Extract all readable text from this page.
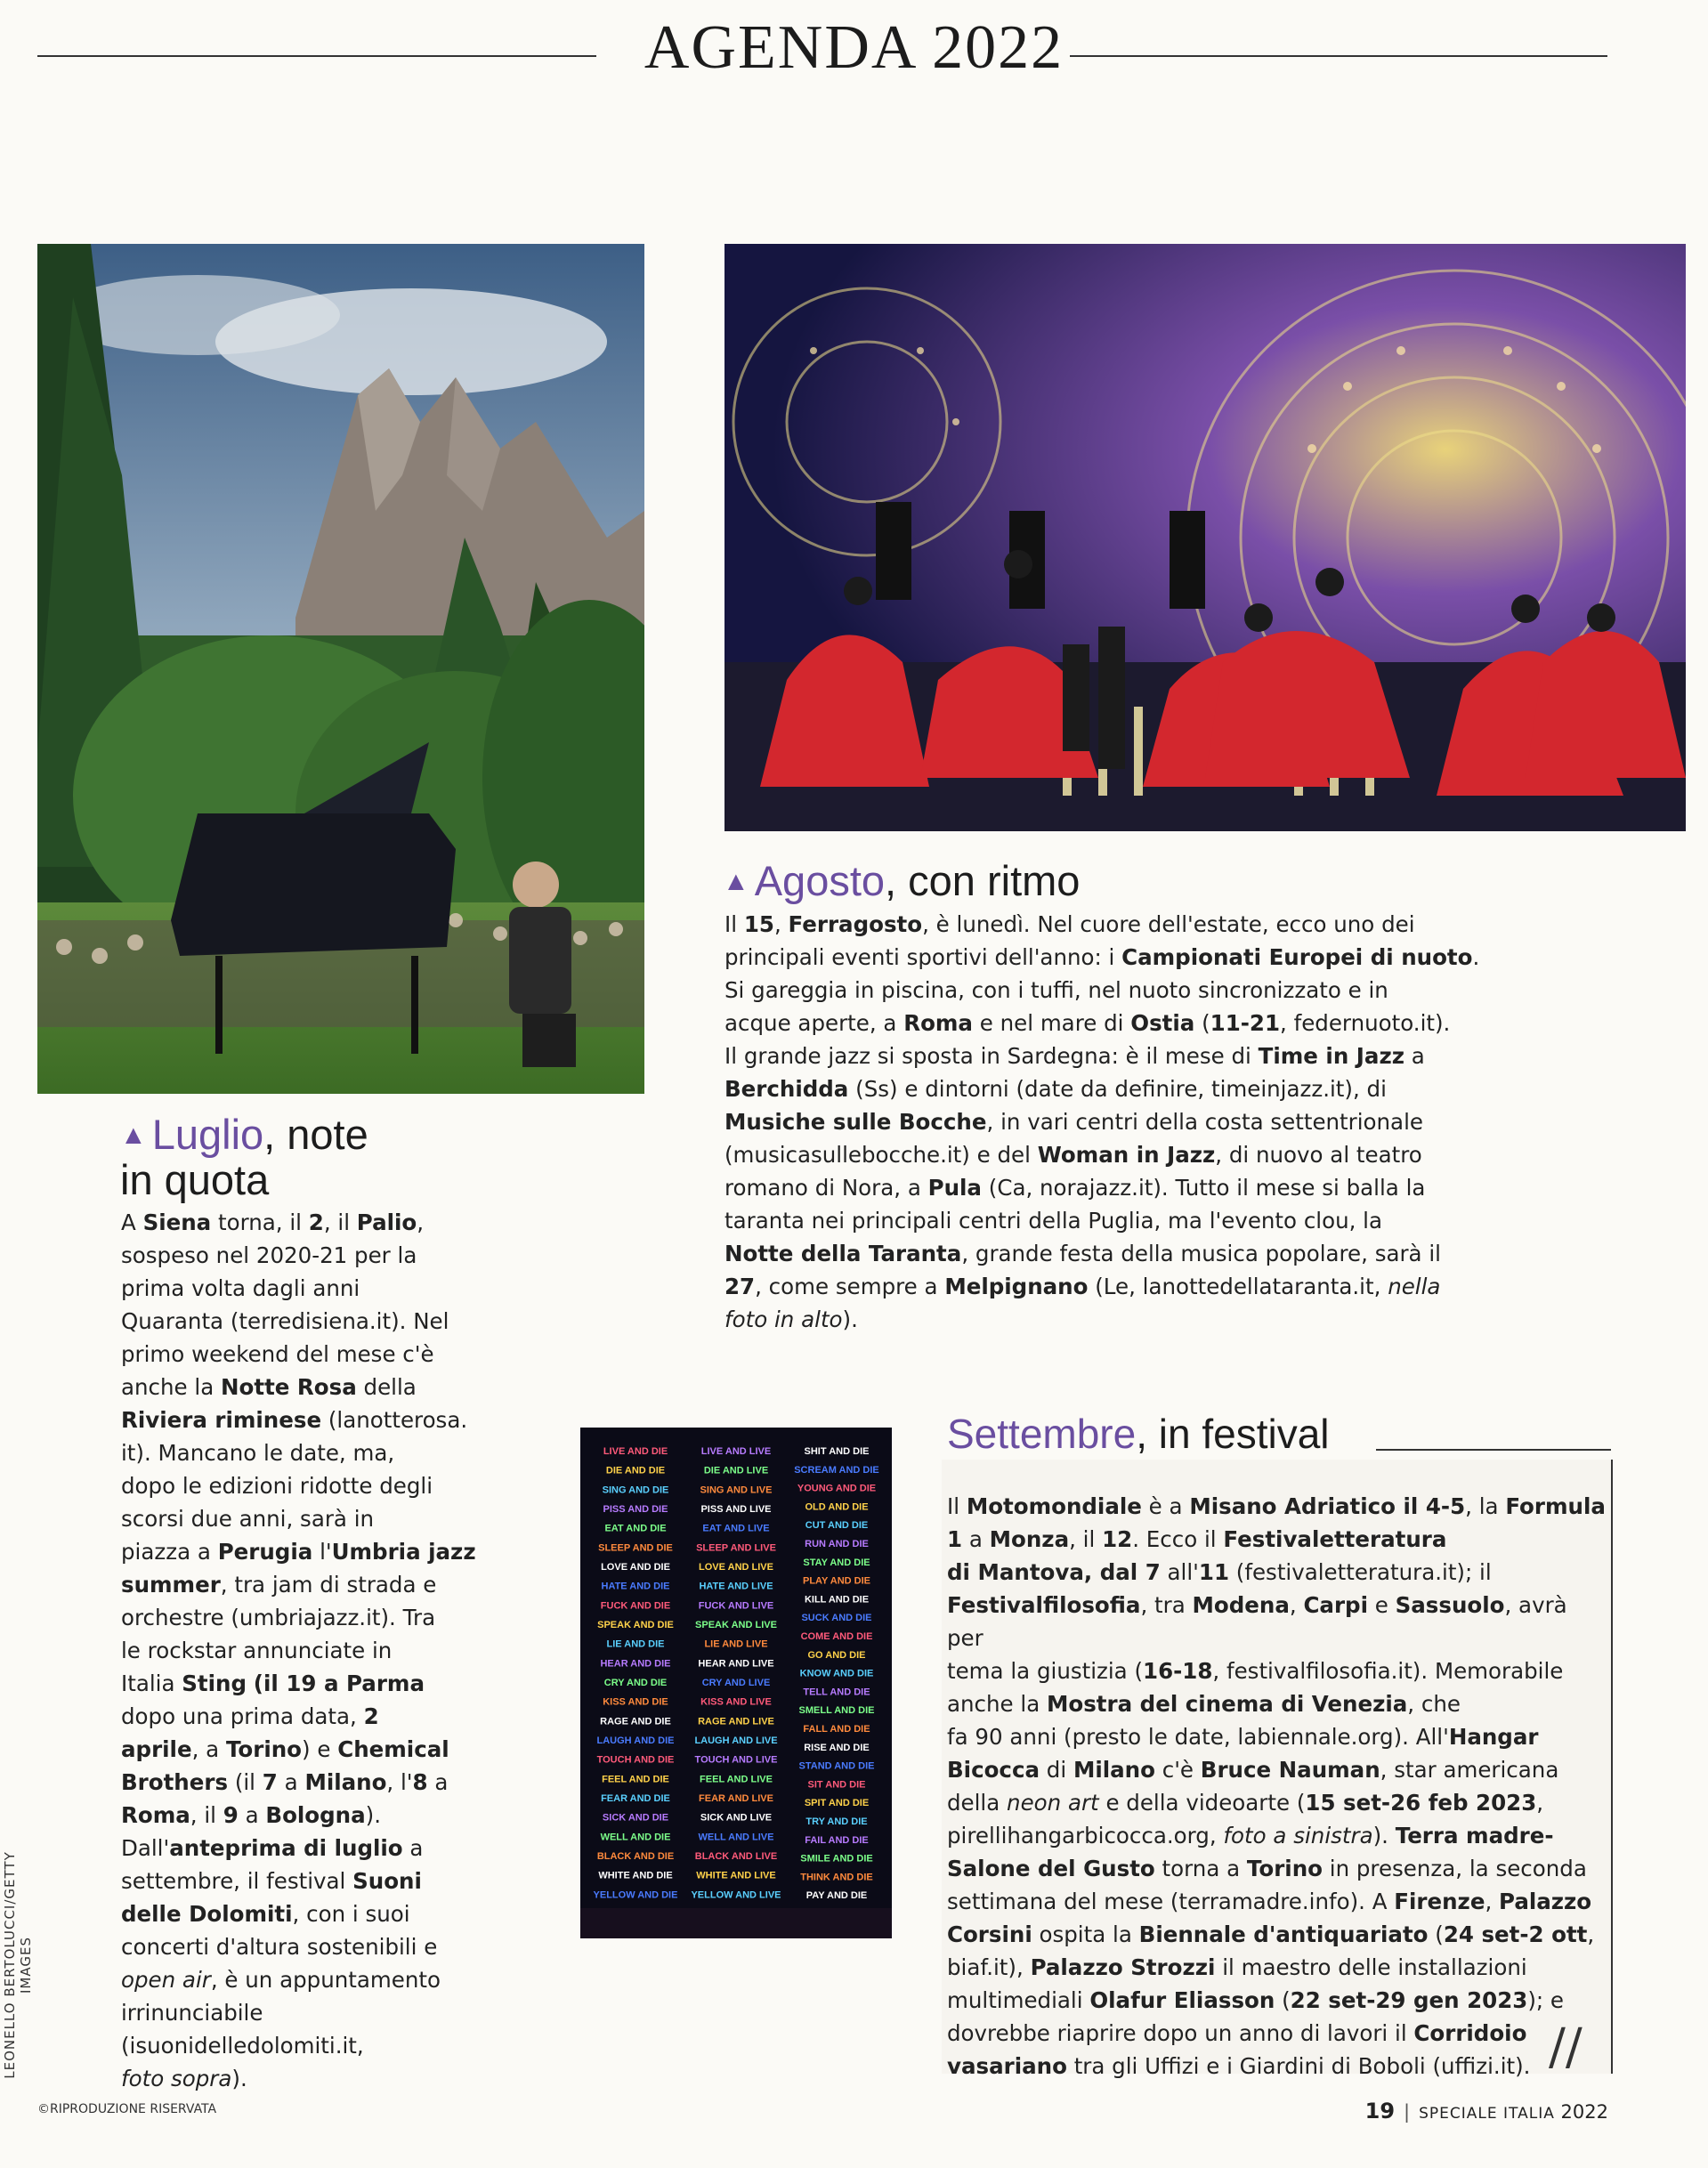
AGENDA 2022
▲ Luglio, note
in quota

A Siena torna, il 2, il Palio,

sospeso nel 2020-21 per la

prima volta dagli anni

Quaranta (terredisiena.it). Nel

primo weekend del mese c'è

anche la Notte Rosa della

Riviera riminese (lanotterosa.

it). Mancano le date, ma,

dopo le edizioni ridotte degli

scorsi due anni, sarà in

piazza a Perugia l'Umbria jazz

summer, tra jam di strada e

orchestre (umbriajazz.it). Tra

le rockstar annunciate in

Italia Sting (il 19 a Parma

dopo una prima data, 2

aprile, a Torino) e Chemical

Brothers (il 7 a Milano, l'8 a

Roma, il 9 a Bologna).

Dall'anteprima di luglio a

settembre, il festival Suoni

delle Dolomiti, con i suoi

concerti d'altura sostenibili e

open air, è un appuntamento

irrinunciabile

(isuonidelledolomiti.it,

foto sopra).

▲ Agosto, con ritmo

Il 15, Ferragosto, è lunedì. Nel cuore dell'estate, ecco uno dei

principali eventi sportivi dell'anno: i Campionati Europei di nuoto.

Si gareggia in piscina, con i tuffi, nel nuoto sincronizzato e in

acque aperte, a Roma e nel mare di Ostia (11-21, federnuoto.it).

Il grande jazz si sposta in Sardegna: è il mese di Time in Jazz a

Berchidda (Ss) e dintorni (date da definire, timeinjazz.it), di

Musiche sulle Bocche, in vari centri della costa settentrionale

(musicasullebocche.it) e del Woman in Jazz, di nuovo al teatro

romano di Nora, a Pula (Ca, norajazz.it). Tutto il mese si balla la

taranta nei principali centri della Puglia, ma l'evento clou, la

Notte della Taranta, grande festa della musica popolare, sarà il

27, come sempre a Melpignano (Le, lanottedellataranta.it, nella

foto in alto).

LIVE AND DIE
DIE AND DIE
SING AND DIE
PISS AND DIE
EAT AND DIE
SLEEP AND DIE
LOVE AND DIE
HATE AND DIE
FUCK AND DIE
SPEAK AND DIE
LIE AND DIE
HEAR AND DIE
CRY AND DIE
KISS AND DIE
RAGE AND DIE
LAUGH AND DIE
TOUCH AND DIE
FEEL AND DIE
FEAR AND DIE
SICK AND DIE
WELL AND DIE
BLACK AND DIE
WHITE AND DIE
YELLOW AND DIE
LIVE AND LIVE
DIE AND LIVE
SING AND LIVE
PISS AND LIVE
EAT AND LIVE
SLEEP AND LIVE
LOVE AND LIVE
HATE AND LIVE
FUCK AND LIVE
SPEAK AND LIVE
LIE AND LIVE
HEAR AND LIVE
CRY AND LIVE
KISS AND LIVE
RAGE AND LIVE
LAUGH AND LIVE
TOUCH AND LIVE
FEEL AND LIVE
FEAR AND LIVE
SICK AND LIVE
WELL AND LIVE
BLACK AND LIVE
WHITE AND LIVE
YELLOW AND LIVE
SHIT AND DIE
SCREAM AND DIE
YOUNG AND DIE
OLD AND DIE
CUT AND DIE
RUN AND DIE
STAY AND DIE
PLAY AND DIE
KILL AND DIE
SUCK AND DIE
COME AND DIE
GO AND DIE
KNOW AND DIE
TELL AND DIE
SMELL AND DIE
FALL AND DIE
RISE AND DIE
STAND AND DIE
SIT AND DIE
SPIT AND DIE
TRY AND DIE
FAIL AND DIE
SMILE AND DIE
THINK AND DIE
PAY AND DIE
Settembre, in festival

Il Motomondiale è a Misano Adriatico il 4-5, la Formula

1 a Monza, il 12. Ecco il Festivaletteratura

di Mantova, dal 7 all'11 (festivaletteratura.it); il

Festivalfilosofia, tra Modena, Carpi e Sassuolo, avrà per

tema la giustizia (16-18, festivalfilosofia.it). Memorabile

anche la Mostra del cinema di Venezia, che

fa 90 anni (presto le date, labiennale.org). All'Hangar

Bicocca di Milano c'è Bruce Nauman, star americana

della neon art e della videoarte (15 set-26 feb 2023,

pirellihangarbicocca.org, foto a sinistra). Terra madre-

Salone del Gusto torna a Torino in presenza, la seconda

settimana del mese (terramadre.info). A Firenze, Palazzo

Corsini ospita la Biennale d'antiquariato (24 set-2 ott,

biaf.it), Palazzo Strozzi il maestro delle installazioni

multimediali Olafur Eliasson (22 set-29 gen 2023); e

dovrebbe riaprire dopo un anno di lavori il Corridoio

vasariano tra gli Uffizi e i Giardini di Boboli (uffizi.it). //
LEONELLO BERTOLUCCI/GETTY IMAGES
©RIPRODUZIONE RISERVATA	19 | SPECIALE ITALIA 2022
